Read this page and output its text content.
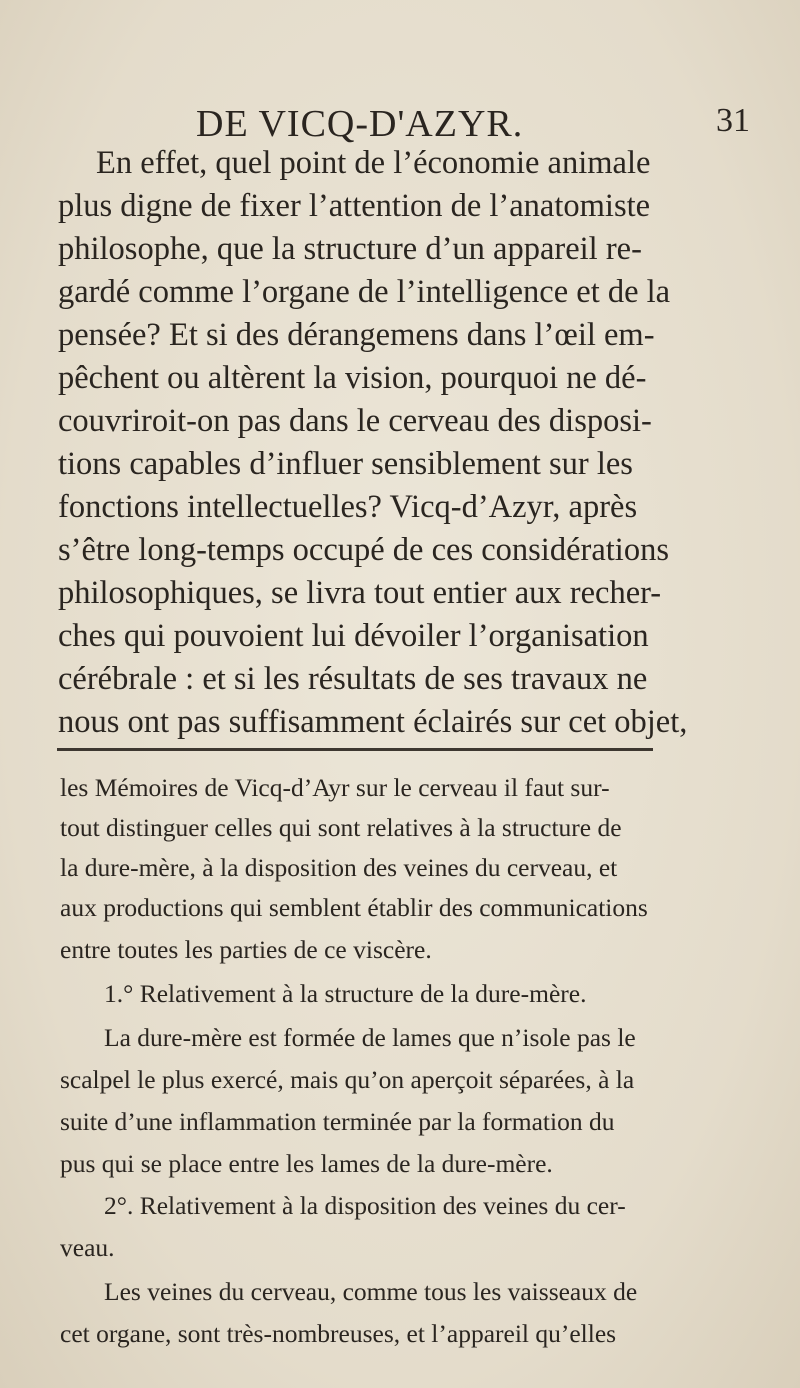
DE VICQ-D'AZYR.	31
En effet, quel point de l’économie animale
plus digne de fixer l’attention de l’anatomiste
philosophe, que la structure d’un appareil re-
gardé comme l’organe de l’intelligence et de la
pensée? Et si des dérangemens dans l’œil em-
pêchent ou altèrent la vision, pourquoi ne dé-
couvriroit-on pas dans le cerveau des disposi-
tions capables d’influer sensiblement sur les
fonctions intellectuelles? Vicq-d’Azyr, après
s’être long-temps occupé de ces considérations
philosophiques, se livra tout entier aux recher-
ches qui pouvoient lui dévoiler l’organisation
cérébrale : et si les résultats de ses travaux ne
nous ont pas suffisamment éclairés sur cet objet,
les Mémoires de Vicq-d’Ayr sur le cerveau il faut sur-
tout distinguer celles qui sont relatives à la structure de
la dure-mère, à la disposition des veines du cerveau, et
aux productions qui semblent établir des communications
entre toutes les parties de ce viscère.
1.° Relativement à la structure de la dure-mère.
La dure-mère est formée de lames que n’isole pas le
scalpel le plus exercé, mais qu’on aperçoit séparées, à la
suite d’une inflammation terminée par la formation du
pus qui se place entre les lames de la dure-mère.
2°. Relativement à la disposition des veines du cer-
veau.
Les veines du cerveau, comme tous les vaisseaux de
cet organe, sont très-nombreuses, et l’appareil qu’elles
